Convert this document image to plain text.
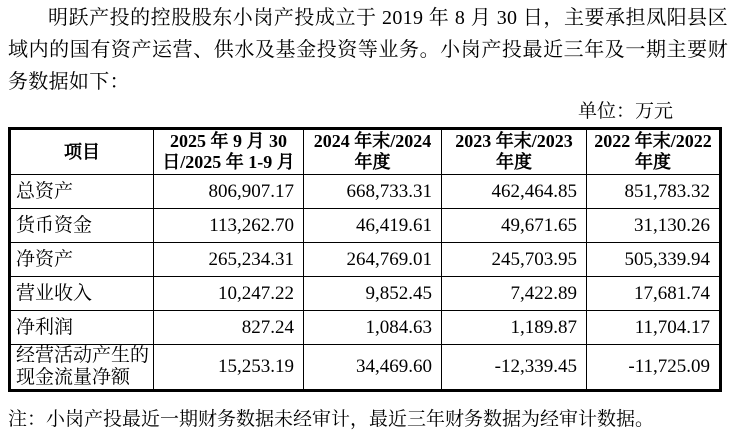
明跃产投的控股股东小岗产投成立于 2019 年 8 月 30 日，主要承担凤阳县区域内的国有资产运营、供水及基金投资等业务。小岗产投最近三年及一期主要财务数据如下：

单位：万元
项目	2025 年 9 月 30 日/2025 年 1-9 月	2024 年末/2024 年度	2023 年末/2023 年度	2022 年末/2022 年度
总资产	806,907.17	668,733.31	462,464.85	851,783.32
货币资金	113,262.70	46,419.61	49,671.65	31,130.26
净资产	265,234.31	264,769.01	245,703.95	505,339.94
营业收入	10,247.22	9,852.45	7,422.89	17,681.74
净利润	827.24	1,084.63	1,189.87	11,704.17
经营活动产生的现金流量净额	15,253.19	34,469.60	-12,339.45	-11,725.09

注：小岗产投最近一期财务数据未经审计，最近三年财务数据为经审计数据。
